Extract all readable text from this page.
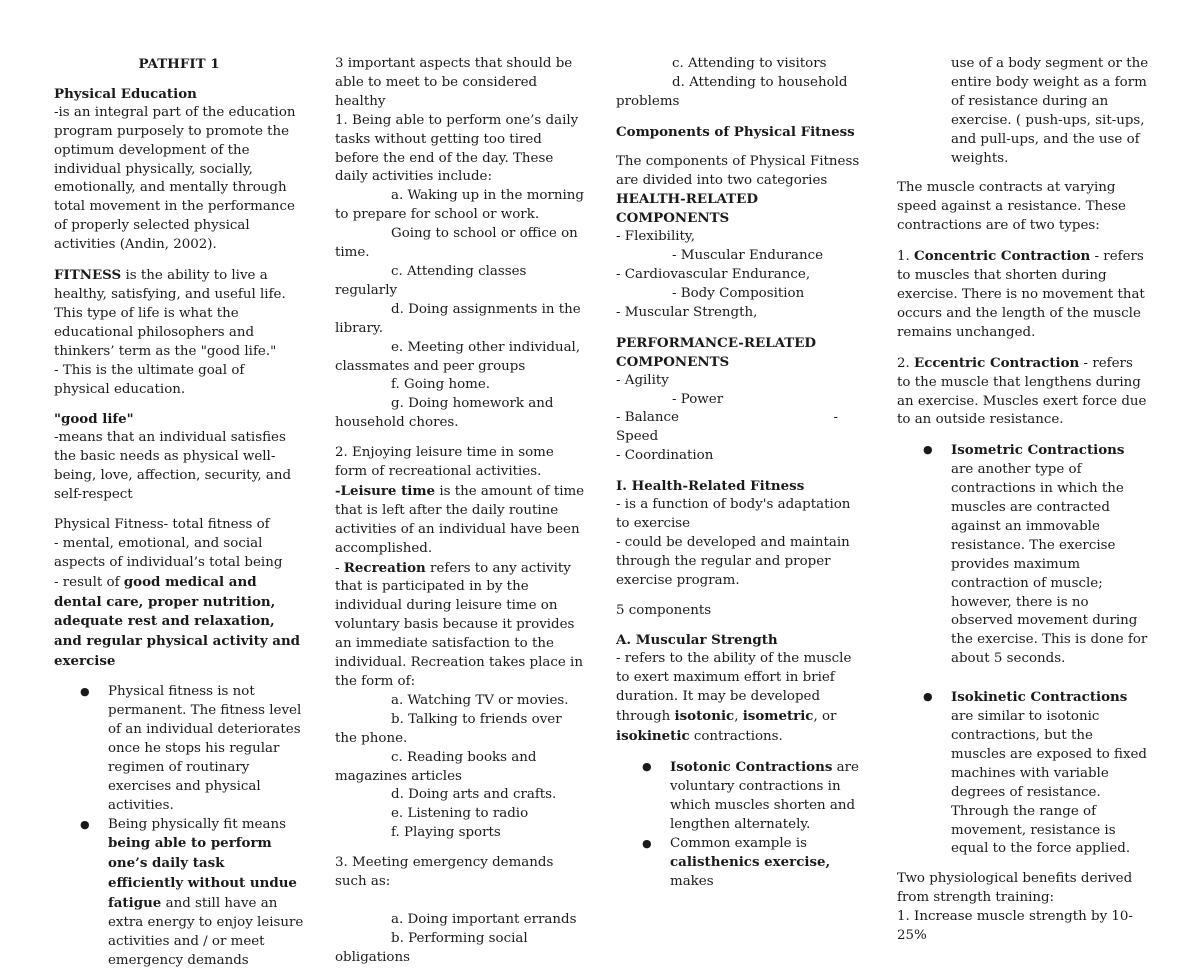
PATHFIT 1

Physical Education

-is an integral part of the education program purposely to promote the optimum development of the individual physically, socially, emotionally, and mentally through total movement in the performance of properly selected physical activities (Andin, 2002).

FITNESS is the ability to live a healthy, satisfying, and useful life. This type of life is what the educational philosophers and thinkers’ term as the "good life."

- This is the ultimate goal of physical education.

"good life"

-means that an individual satisfies the basic needs as physical well-being, love, affection, security, and self-respect

Physical Fitness- total fitness of

- mental, emotional, and social aspects of individual’s total being

- result of good medical and dental care, proper nutrition, adequate rest and relaxation, and regular physical activity and exercise

● Physical fitness is not permanent. The fitness level of an individual deteriorates once he stops his regular regimen of routinary exercises and physical activities.
● Being physically fit means being able to perform one’s daily task efficiently without undue fatigue and still have an extra energy to enjoy leisure activities and / or meet emergency demands

3 important aspects that should be able to meet to be considered healthy

1. Being able to perform one’s daily tasks without getting too tired before the end of the day. These daily activities include:

a. Waking up in the morning to prepare for school or work.

Going to school or office on time.

c. Attending classes regularly

d. Doing assignments in the library.

e. Meeting other individual, classmates and peer groups

f. Going home.

g. Doing homework and household chores.

2. Enjoying leisure time in some form of recreational activities.

-Leisure time is the amount of time that is left after the daily routine activities of an individual have been accomplished.

- Recreation refers to any activity that is participated in by the individual during leisure time on voluntary basis because it provides an immediate satisfaction to the individual. Recreation takes place in the form of:

a. Watching TV or movies.

b. Talking to friends over the phone.

c. Reading books and magazines articles

d. Doing arts and crafts.

e. Listening to radio

f. Playing sports

3. Meeting emergency demands such as:

a. Doing important errands

b. Performing social obligations

c. Attending to visitors

d. Attending to household problems

Components of Physical Fitness

The components of Physical Fitness are divided into two categories

HEALTH-RELATED COMPONENTS

- Flexibility,

- Muscular Endurance

- Cardiovascular Endurance,

- Body Composition

- Muscular Strength,

PERFORMANCE-RELATED COMPONENTS

- Agility

- Power

- Balance	-

Speed

- Coordination

I. Health-Related Fitness

- is a function of body's adaptation to exercise

- could be developed and maintain through the regular and proper exercise program.

5 components

A. Muscular Strength

- refers to the ability of the muscle to exert maximum effort in brief duration. It may be developed through isotonic, isometric, or isokinetic contractions.

● Isotonic Contractions are voluntary contractions in which muscles shorten and lengthen alternately.
● Common example is calisthenics exercise, makes

use of a body segment or the entire body weight as a form of resistance during an exercise. ( push-ups, sit-ups, and pull-ups, and the use of weights.

The muscle contracts at varying speed against a resistance. These contractions are of two types:

1. Concentric Contraction - refers to muscles that shorten during exercise. There is no movement that occurs and the length of the muscle remains unchanged.

2. Eccentric Contraction - refers to the muscle that lengthens during an exercise. Muscles exert force due to an outside resistance.

● Isometric Contractions are another type of contractions in which the muscles are contracted against an immovable resistance. The exercise provides maximum contraction of muscle; however, there is no observed movement during the exercise. This is done for about 5 seconds.
● Isokinetic Contractions are similar to isotonic contractions, but the muscles are exposed to fixed machines with variable degrees of resistance. Through the range of movement, resistance is equal to the force applied.

Two physiological benefits derived from strength training:

1. Increase muscle strength by 10-25%
